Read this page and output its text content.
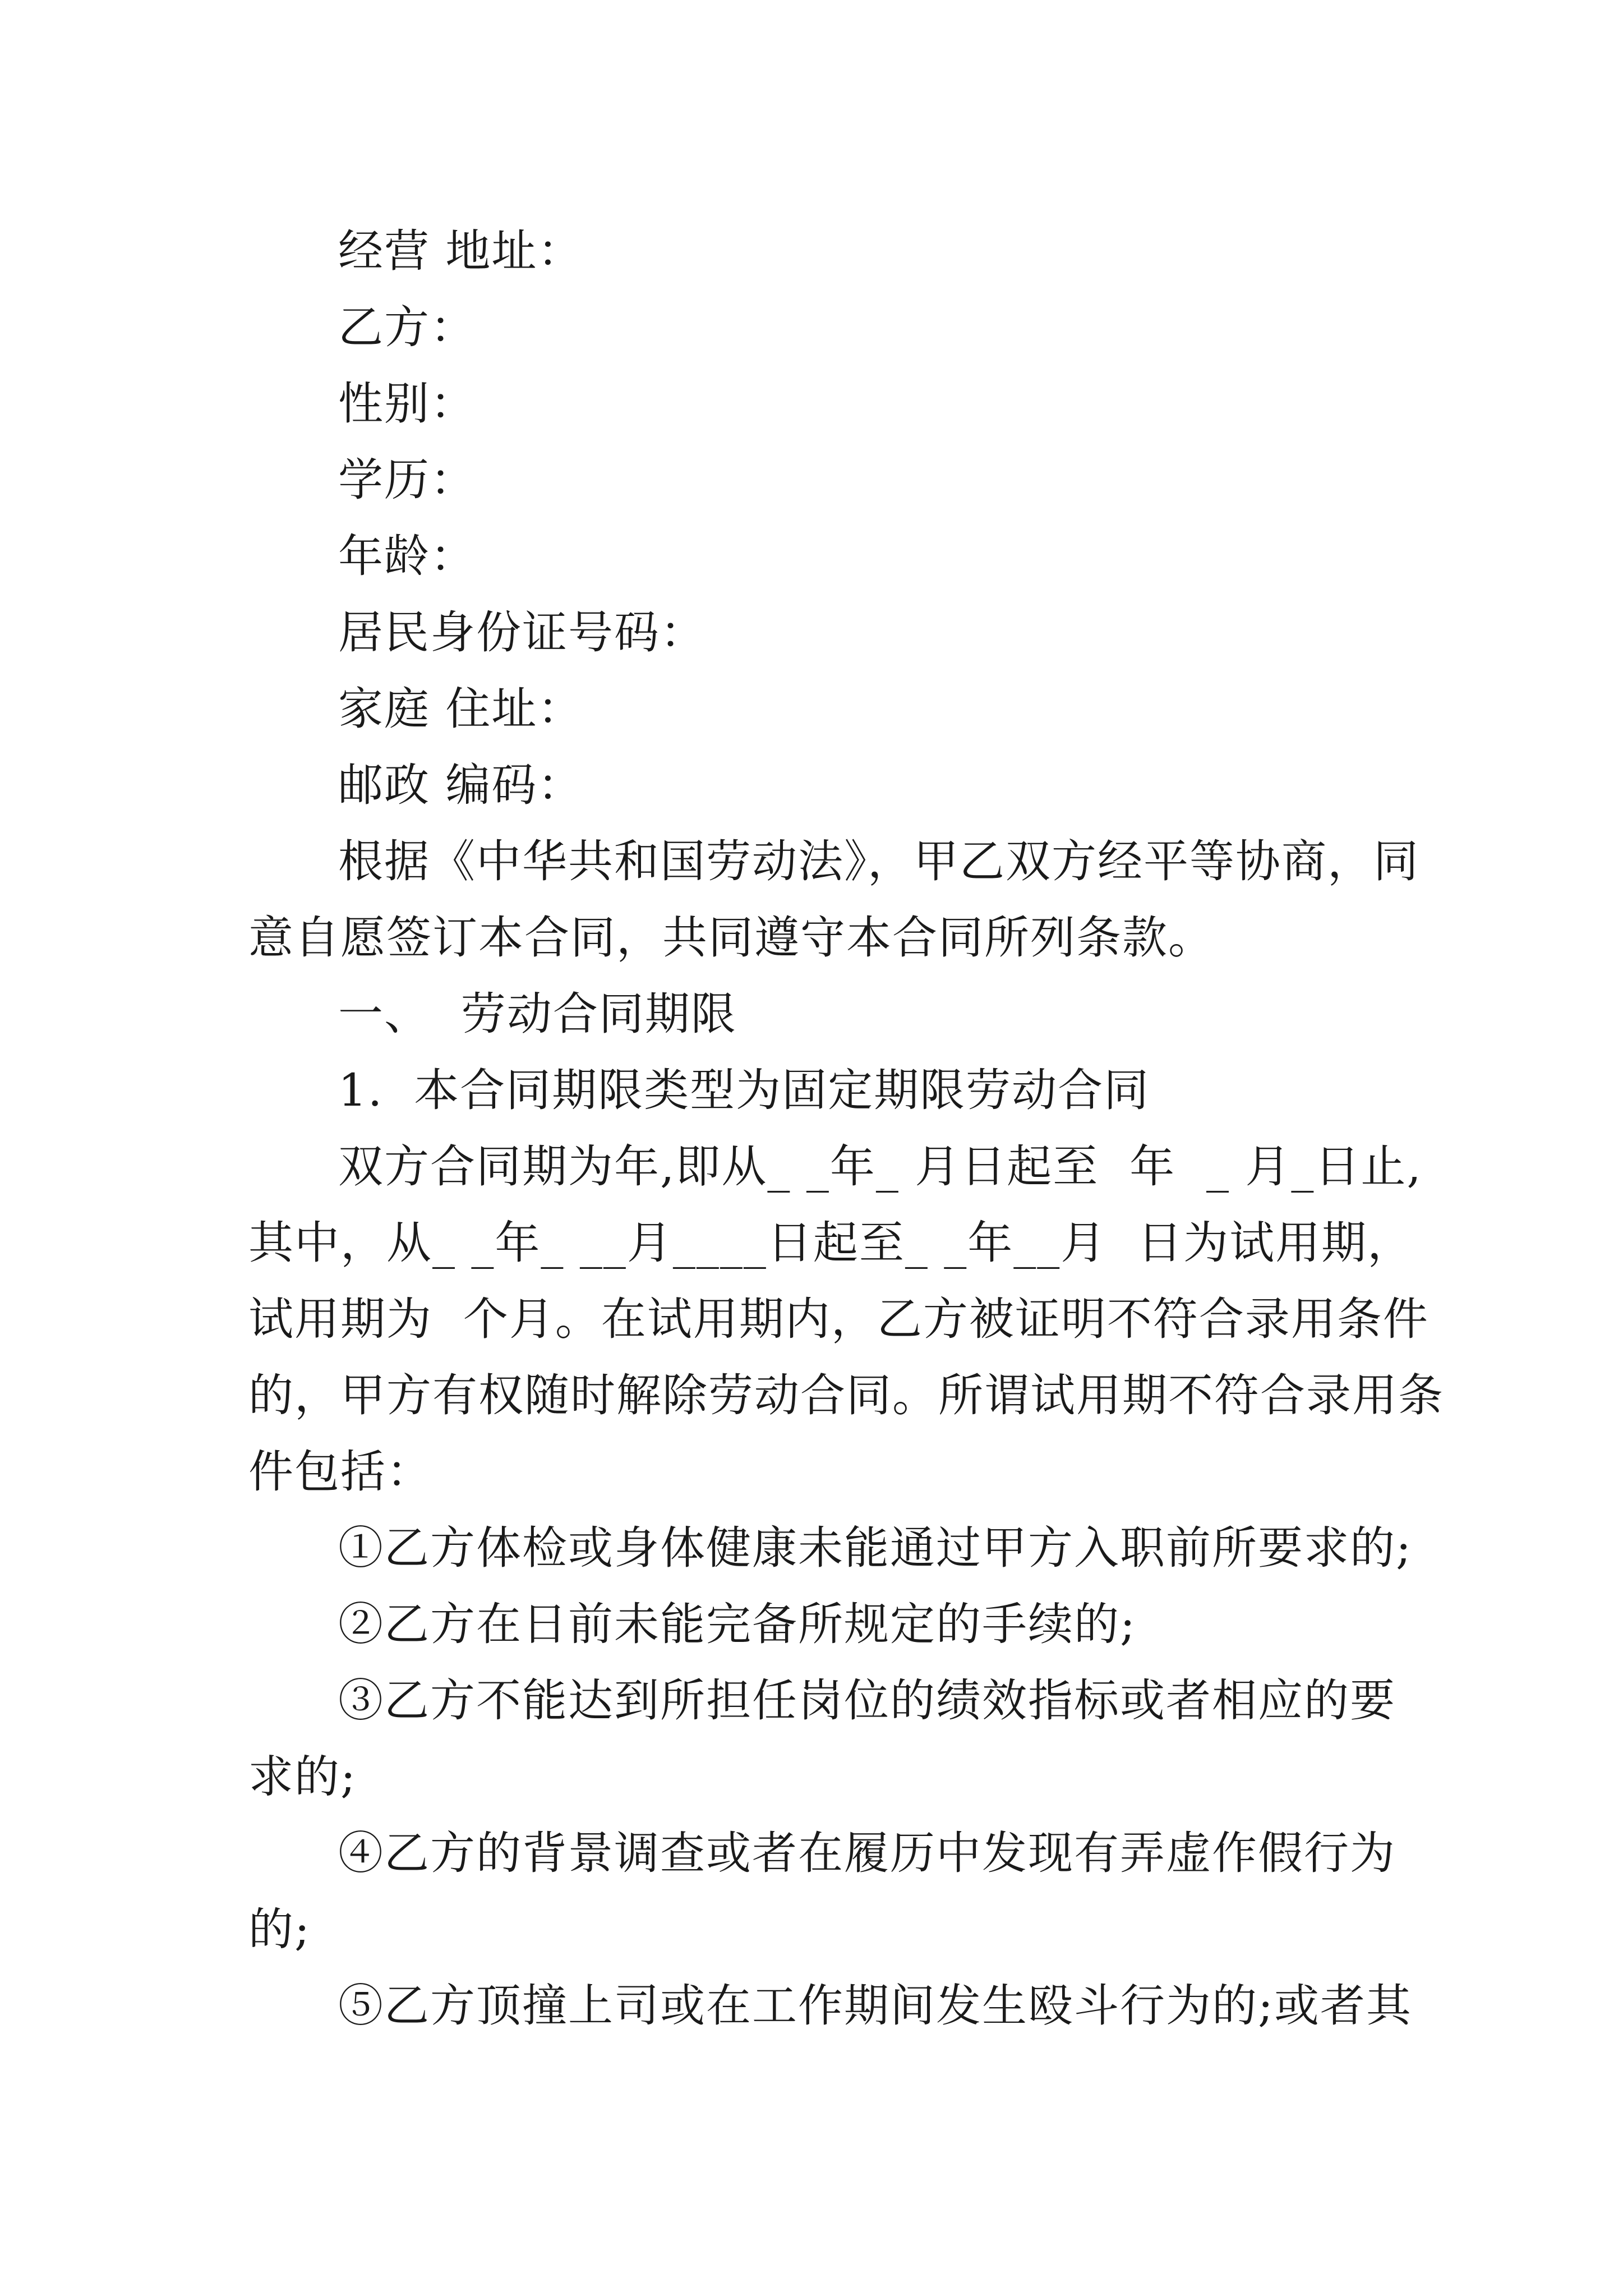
经营 地址：
乙方：
性别：
学历：
年龄：
居民身份证号码：
家庭 住址：
邮政 编码：
根据《中华共和国劳动法》，甲乙双方经平等协商，同
意自愿签订本合同，共同遵守本合同所列条款。
一、  劳动合同期限
1.  本合同期限类型为固定期限劳动合同
双方合同期为年,即从_ _年_ 月日起至  年  _ 月_日止,
其中，从_ _年_ __月____日起至_ _年__月  日为试用期，
试用期为  个月。在试用期内，乙方被证明不符合录用条件
的，甲方有权随时解除劳动合同。所谓试用期不符合录用条
件包括：
①乙方体检或身体健康未能通过甲方入职前所要求的;
②乙方在日前未能完备所规定的手续的;
③乙方不能达到所担任岗位的绩效指标或者相应的要
求的;
④乙方的背景调查或者在履历中发现有弄虚作假行为
的;
⑤乙方顶撞上司或在工作期间发生殴斗行为的;或者其
